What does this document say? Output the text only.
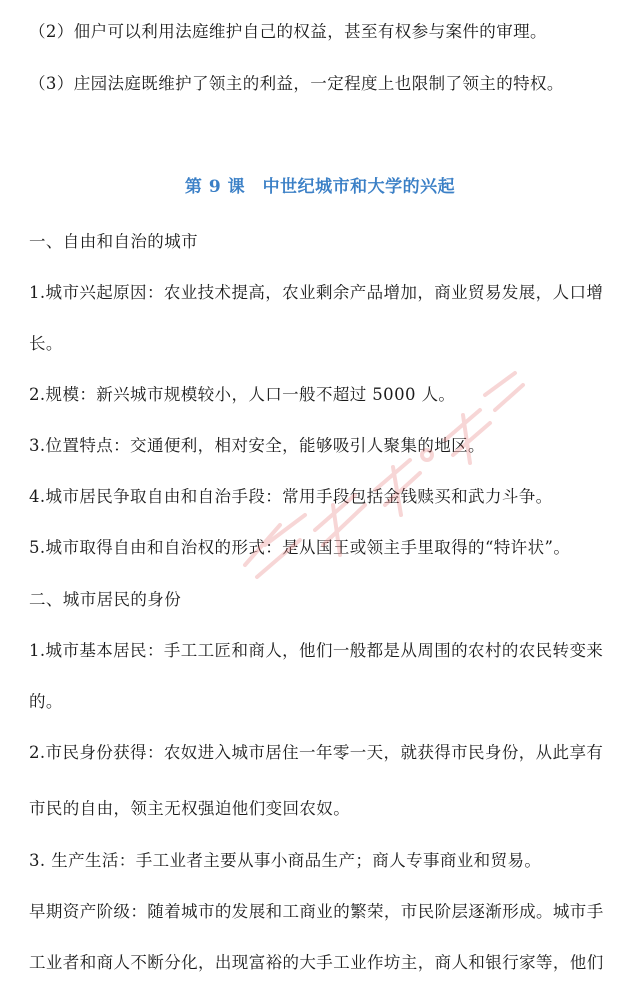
（2）佃户可以利用法庭维护自己的权益，甚至有权参与案件的审理。
（3）庄园法庭既维护了领主的利益，一定程度上也限制了领主的特权。
第 9 课　中世纪城市和大学的兴起
一、自由和自治的城市
1.城市兴起原因：农业技术提高，农业剩余产品增加，商业贸易发展，人口增
长。
2.规模：新兴城市规模较小，人口一般不超过 5000 人。
3.位置特点：交通便利，相对安全，能够吸引人聚集的地区。
4.城市居民争取自由和自治手段：常用手段包括金钱赎买和武力斗争。
5.城市取得自由和自治权的形式：是从国王或领主手里取得的“特许状”。
二、城市居民的身份
1.城市基本居民：手工工匠和商人，他们一般都是从周围的农村的农民转变来
的。
2.市民身份获得：农奴进入城市居住一年零一天，就获得市民身份，从此享有
市民的自由，领主无权强迫他们变回农奴。
3. 生产生活：手工业者主要从事小商品生产；商人专事商业和贸易。
早期资产阶级：随着城市的发展和工商业的繁荣，市民阶层逐渐形成。城市手
工业者和商人不断分化，出现富裕的大手工业作坊主，商人和银行家等，他们
